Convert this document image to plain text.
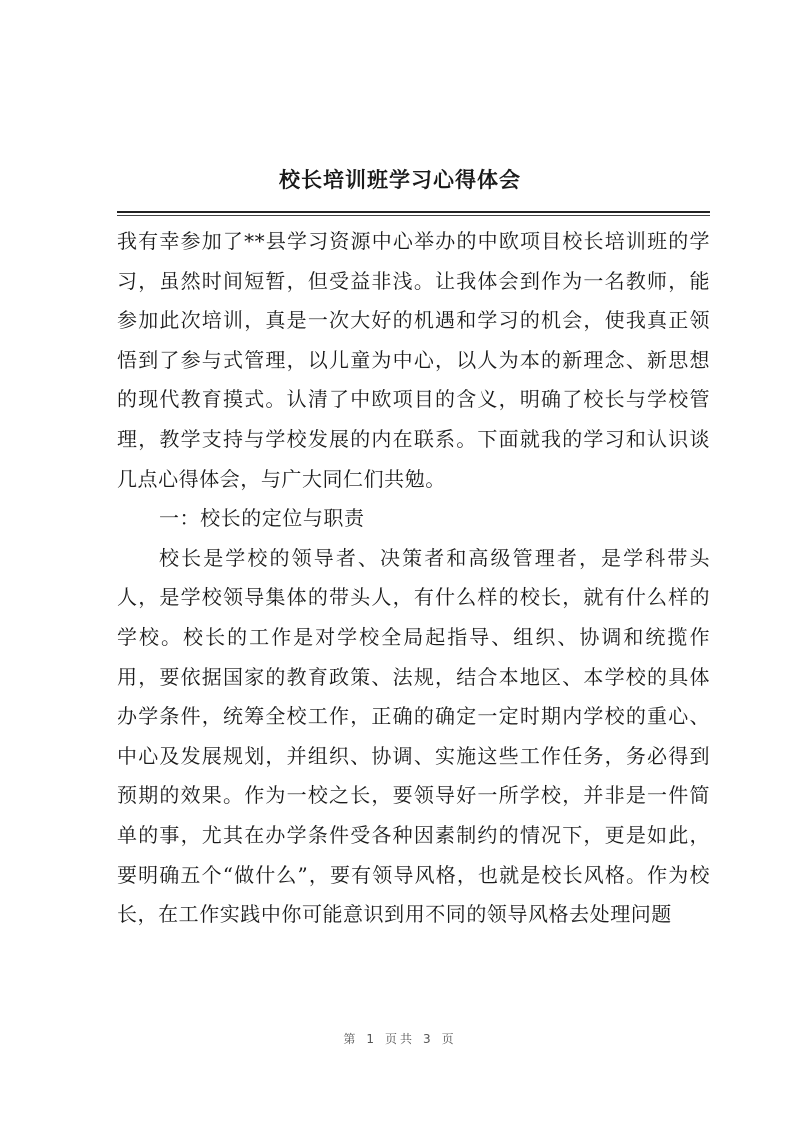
校长培训班学习心得体会

我有幸参加了**县学习资源中心举办的中欧项目校长培训班的学习，虽然时间短暂，但受益非浅。让我体会到作为一名教师，能参加此次培训，真是一次大好的机遇和学习的机会，使我真正领悟到了参与式管理，以儿童为中心，以人为本的新理念、新思想的现代教育摸式。认清了中欧项目的含义，明确了校长与学校管理，教学支持与学校发展的内在联系。下面就我的学习和认识谈几点心得体会，与广大同仁们共勉。

一：校长的定位与职责

校长是学校的领导者、决策者和高级管理者，是学科带头人，是学校领导集体的带头人，有什么样的校长，就有什么样的学校。校长的工作是对学校全局起指导、组织、协调和统揽作用，要依据国家的教育政策、法规，结合本地区、本学校的具体办学条件，统筹全校工作，正确的确定一定时期内学校的重心、中心及发展规划，并组织、协调、实施这些工作任务，务必得到预期的效果。作为一校之长，要领导好一所学校，并非是一件简单的事，尤其在办学条件受各种因素制约的情况下，更是如此，要明确五个“做什么”，要有领导风格，也就是校长风格。作为校长，在工作实践中你可能意识到用不同的领导风格去处理问题

第 1 页共 3 页
